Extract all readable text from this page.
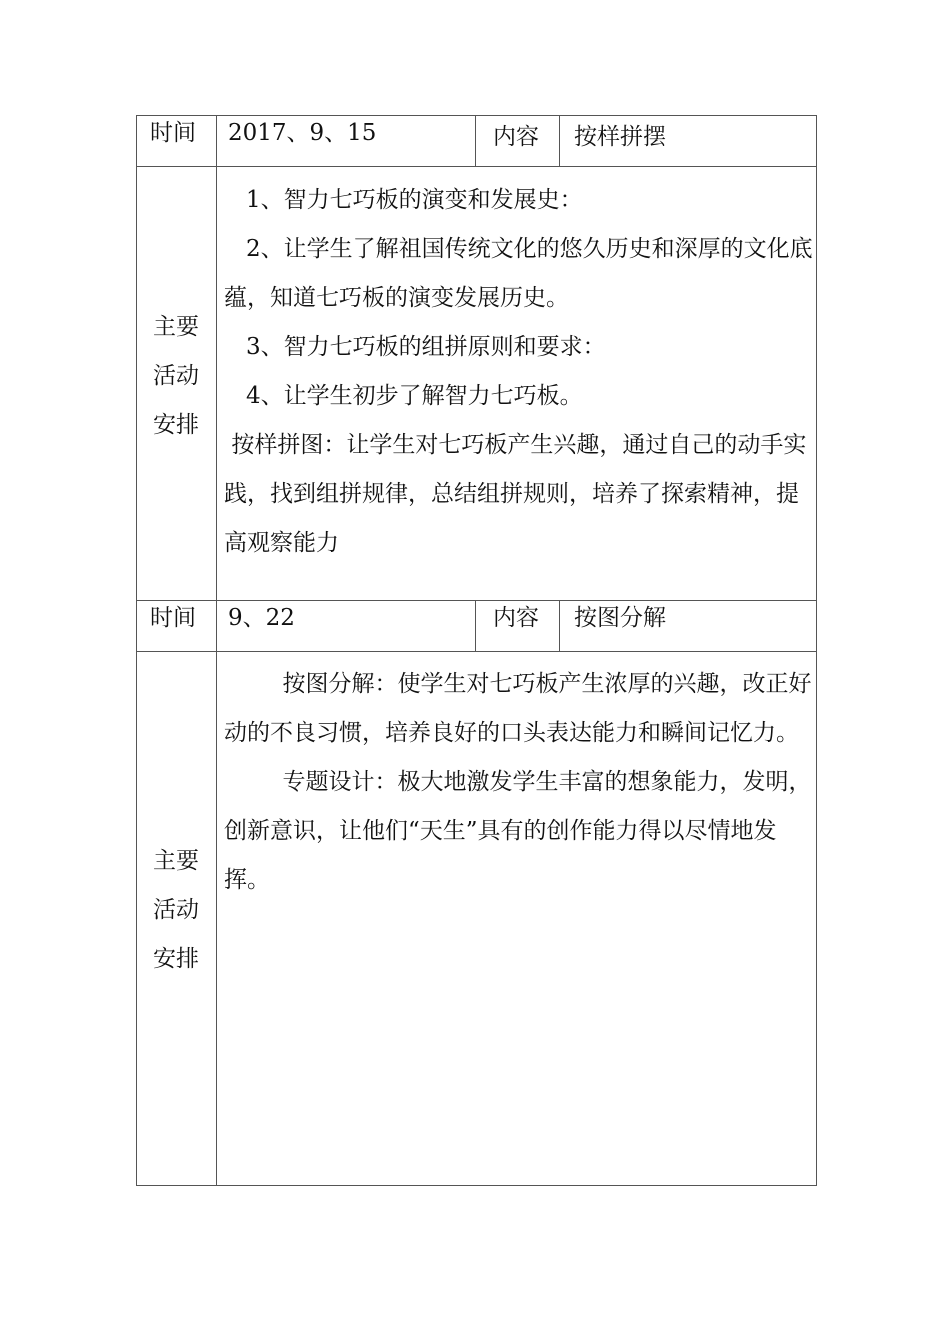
时间 2017、9、15	内容 按样拼摆
主要
活动
安排

1、智力七巧板的演变和发展史：

2、让学生了解祖国传统文化的悠久历史和深厚的文化底蕴，知道七巧板的演变发展历史。

3、智力七巧板的组拼原则和要求：

4、让学生初步了解智力七巧板。

按样拼图：让学生对七巧板产生兴趣，通过自己的动手实践，找到组拼规律，总结组拼规则，培养了探索精神，提高观察能力

时间 9、22	内容 按图分解
主要
活动
安排

按图分解：使学生对七巧板产生浓厚的兴趣，改正好动的不良习惯，培养良好的口头表达能力和瞬间记忆力。

专题设计：极大地激发学生丰富的想象能力，发明，创新意识，让他们“天生”具有的创作能力得以尽情地发挥。
